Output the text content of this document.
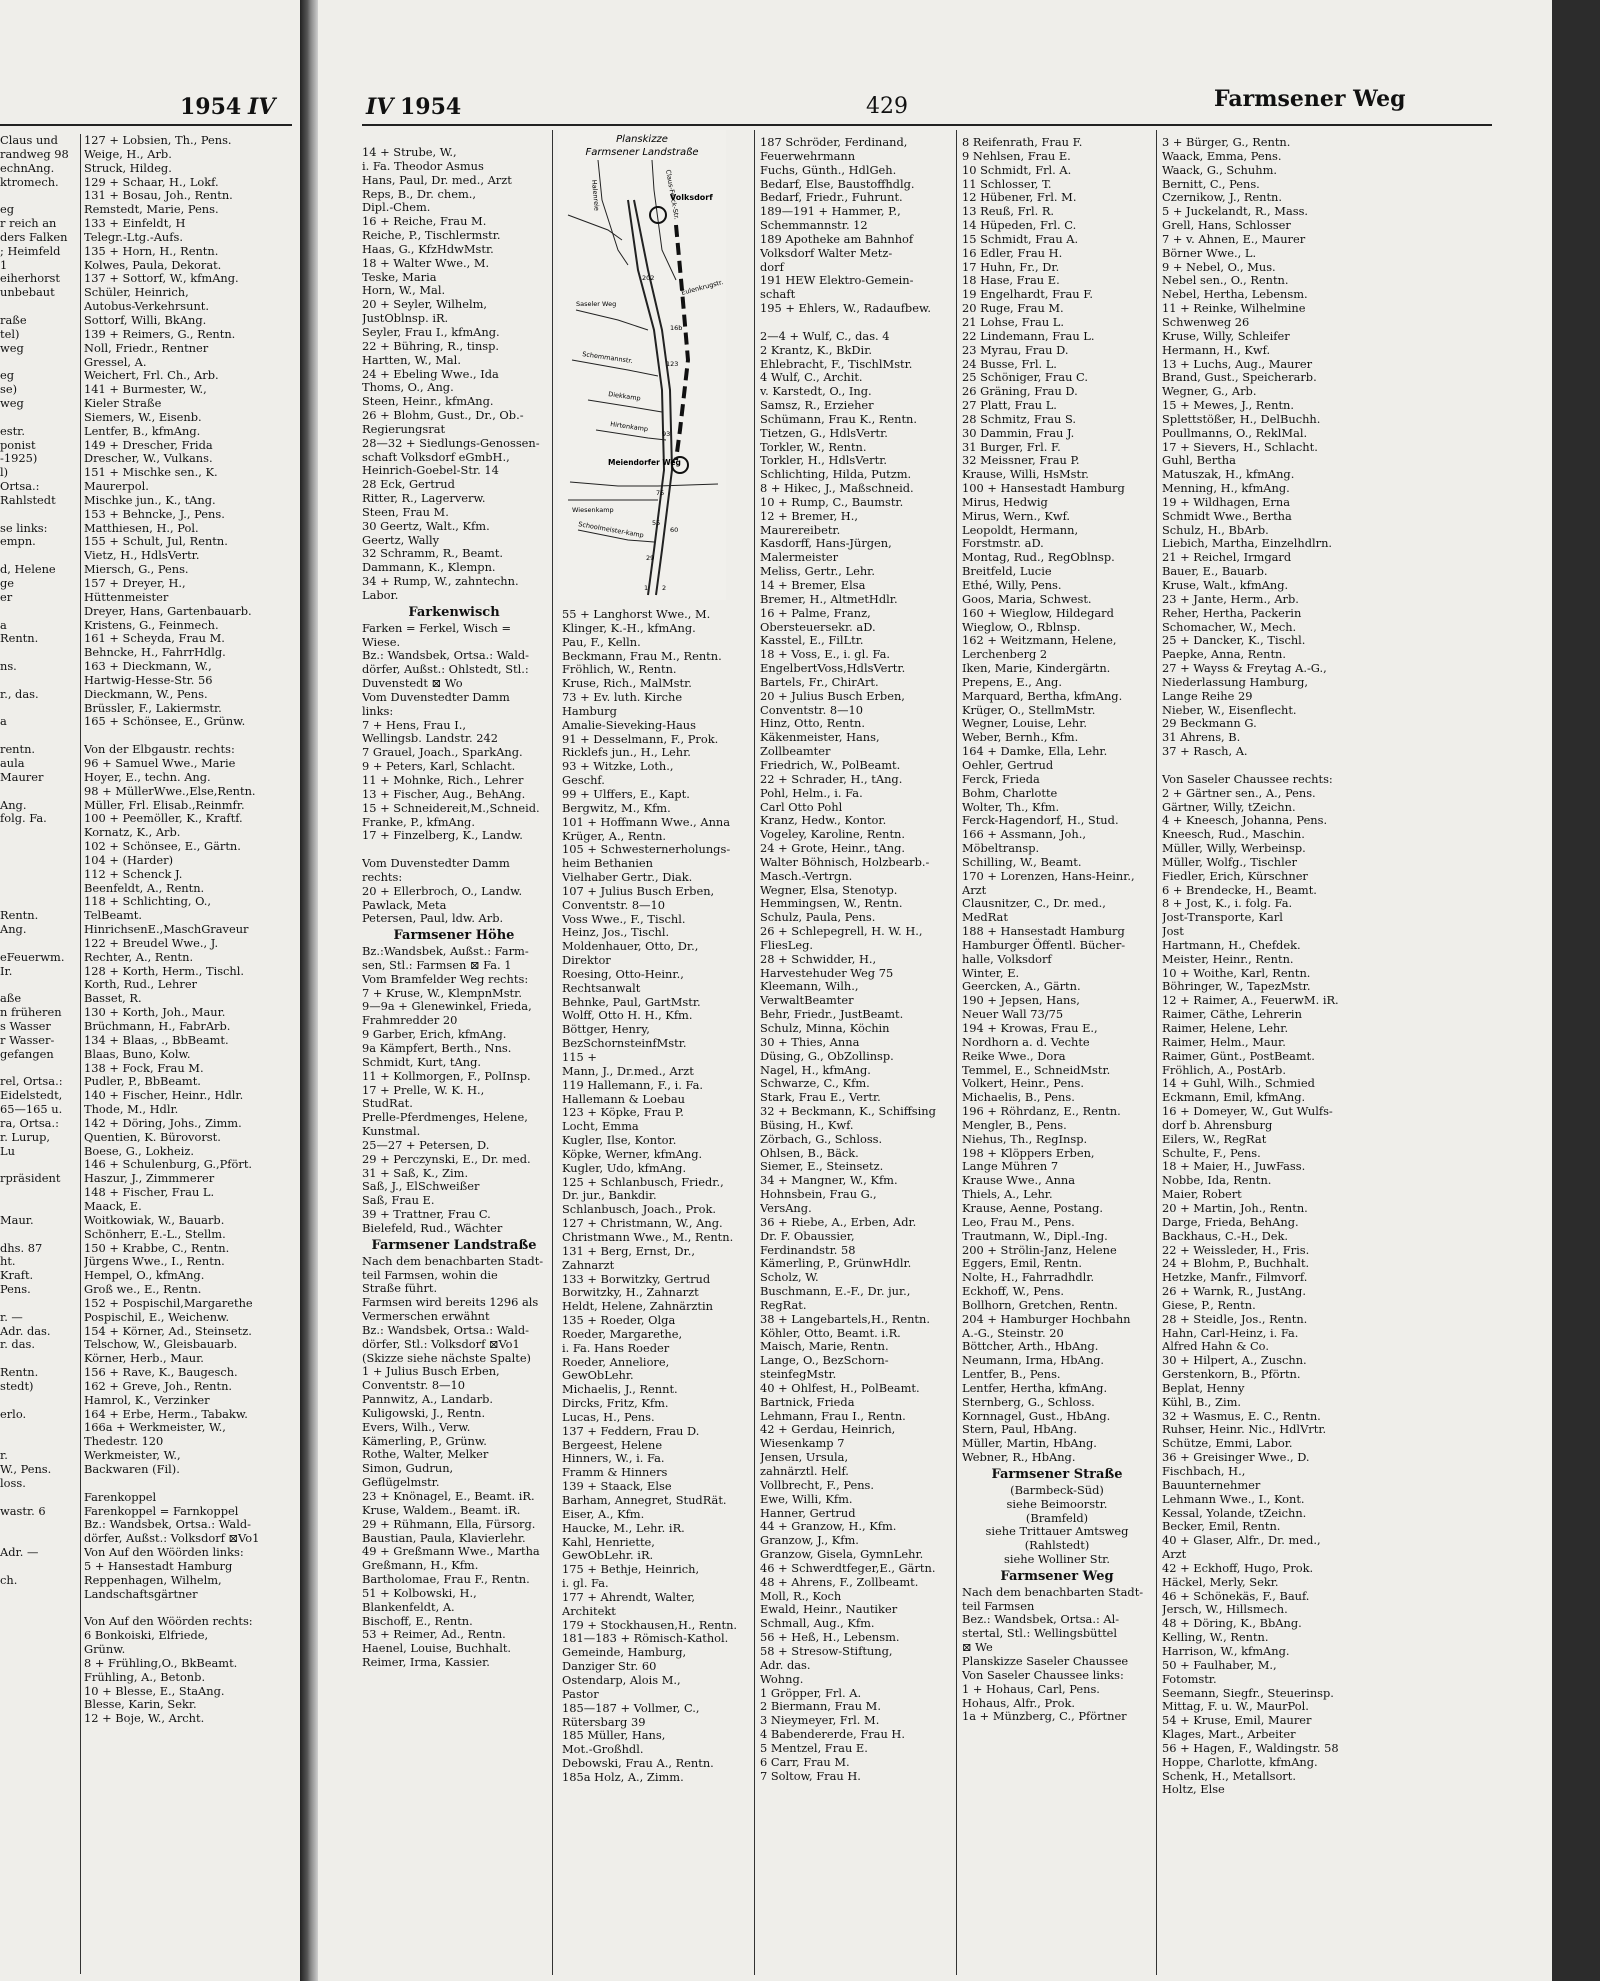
1954 IV
Claus und
randweg 98
echnAng.
ktromech.

eg
r reich an
ders Falken
; Heimfeld
1
eiherhorst
unbebaut

raße
tel)
weg

eg
se)
weg

estr.
ponist
-1925)
l)
Ortsa.:
Rahlstedt

se links:
empn.

d, Helene
ge
er

a
Rentn.

ns.

r., das.

a

rentn.
aula
Maurer

Ang.
folg. Fa.

Rentn.
Ang.

eFeuerwm.
Ir.

aße
n früheren
s Wasser
r Wasser-
gefangen

rel, Ortsa.:
Eidelstedt,
65—165 u.
ra, Ortsa.:
r. Lurup,
Lu

rpräsident

Maur.

dhs. 87
ht.
Kraft.
Pens.

r. —
Adr. das.
r. das.

Rentn.
stedt)

erlo.

r.
W., Pens.
loss.

wastr. 6

Adr. —

ch.
127 + Lobsien, Th., Pens.
Weige, H., Arb.
Struck, Hildeg.
129 + Schaar, H., Lokf.
131 + Bosau, Joh., Rentn.
Remstedt, Marie, Pens.
133 + Einfeldt, H
Telegr.-Ltg.-Aufs.
135 + Horn, H., Rentn.
Kolwes, Paula, Dekorat.
137 + Sottorf, W., kfmAng.
Schüler, Heinrich,
Autobus-Verkehrsunt.
Sottorf, Willi, BkAng.
139 + Reimers, G., Rentn.
Noll, Friedr., Rentner
Gressel, A.
Weichert, Frl. Ch., Arb.
141 + Burmester, W.,
Kieler Straße
Siemers, W., Eisenb.
Lentfer, B., kfmAng.
149 + Drescher, Frida
Drescher, W., Vulkans.
151 + Mischke sen., K.
Maurerpol.
Mischke jun., K., tAng.
153 + Behncke, J., Pens.
Matthiesen, H., Pol.
155 + Schult, Jul, Rentn.
Vietz, H., HdlsVertr.
Miersch, G., Pens.
157 + Dreyer, H.,
Hüttenmeister
Dreyer, Hans, Gartenbauarb.
Kristens, G., Feinmech.
161 + Scheyda, Frau M.
Behncke, H., FahrrHdlg.
163 + Dieckmann, W.,
Hartwig-Hesse-Str. 56
Dieckmann, W., Pens.
Brüssler, F., Lakiermstr.
165 + Schönsee, E., Grünw.

Von der Elbgaustr. rechts:
96 + Samuel Wwe., Marie
Hoyer, E., techn. Ang.
98 + MüllerWwe.,Else,Rentn.
Müller, Frl. Elisab.,Reinmfr.
100 + Peemöller, K., Kraftf.
Kornatz, K., Arb.
102 + Schönsee, E., Gärtn.
104 + (Harder)
112 + Schenck J.
Beenfeldt, A., Rentn.
118 + Schlichting, O.,
TelBeamt.
HinrichsenE.,MaschGraveur
122 + Breudel Wwe., J.
Rechter, A., Rentn.
128 + Korth, Herm., Tischl.
Korth, Rud., Lehrer
Basset, R.
130 + Korth, Joh., Maur.
Brüchmann, H., FabrArb.
134 + Blaas, ., BbBeamt.
Blaas, Buno, Kolw.
138 + Fock, Frau M.
Pudler, P., BbBeamt.
140 + Fischer, Heinr., Hdlr.
Thode, M., Hdlr.
142 + Döring, Johs., Zimm.
Quentien, K. Bürovorst.
Boese, G., Lokheiz.
146 + Schulenburg, G.,Pfört.
Haszur, J., Zimmmerer
148 + Fischer, Frau L.
Maack, E.
Woitkowiak, W., Bauarb.
Schönherr, E.-L., Stellm.
150 + Krabbe, C., Rentn.
Jürgens Wwe., I., Rentn.
Hempel, O., kfmAng.
Groß we., E., Rentn.
152 + Pospischil,Margarethe
Pospischil, E., Weichenw.
154 + Körner, Ad., Steinsetz.
Telschow, W., Gleisbauarb.
Körner, Herb., Maur.
156 + Rave, K., Baugesch.
162 + Greve, Joh., Rentn.
Hamrol, K., Verzinker
164 + Erbe, Herm., Tabakw.
166a + Werkmeister, W.,
Thedestr. 120
Werkmeister, W.,
Backwaren (Fil).

Farenkoppel
Farenkoppel = Farnkoppel
Bz.: Wandsbek, Ortsa.: Wald-
dörfer, Außst.: Volksdorf ⊠Vo1
Von Auf den Wöörden links:
5 + Hansestadt Hamburg
Reppenhagen, Wilhelm,
Landschaftsgärtner

Von Auf den Wöörden rechts:
6 Bonkoiski, Elfriede,
Grünw.
8 + Frühling,O., BkBeamt.
Frühling, A., Betonb.
10 + Blesse, E., StaAng.
Blesse, Karin, Sekr.
12 + Boje, W., Archt.
IV 1954	429	Farmsener Weg
14 + Strube, W.,
i. Fa. Theodor Asmus
Hans, Paul, Dr. med., Arzt
Reps, B., Dr. chem.,
Dipl.-Chem.
16 + Reiche, Frau M.
Reiche, P., Tischlermstr.
Haas, G., KfzHdwMstr.
18 + Walter Wwe., M.
Teske, Maria
Horn, W., Mal.
20 + Seyler, Wilhelm,
JustOblnsp. iR.
Seyler, Frau I., kfmAng.
22 + Bühring, R., tinsp.
Hartten, W., Mal.
24 + Ebeling Wwe., Ida
Thoms, O., Ang.
Steen, Heinr., kfmAng.
26 + Blohm, Gust., Dr., Ob.-
Regierungsrat
28—32 + Siedlungs-Genossen-
schaft Volksdorf eGmbH.,
Heinrich-Goebel-Str. 14
28 Eck, Gertrud
Ritter, R., Lagerverw.
Steen, Frau M.
30 Geertz, Walt., Kfm.
Geertz, Wally
32 Schramm, R., Beamt.
Dammann, K., Klempn.
34 + Rump, W., zahntechn.
Labor.
Farkenwisch
Farken = Ferkel, Wisch =
Wiese.
Bz.: Wandsbek, Ortsa.: Wald-
dörfer, Außst.: Ohlstedt, Stl.:
Duvenstedt ⊠ Wo
Vom Duvenstedter Damm
links:
7 + Hens, Frau I.,
Wellingsb. Landstr. 242
7 Grauel, Joach., SparkAng.
9 + Peters, Karl, Schlacht.
11 + Mohnke, Rich., Lehrer
13 + Fischer, Aug., BehAng.
15 + Schneidereit,M.,Schneid.
Franke, P., kfmAng.
17 + Finzelberg, K., Landw.

Vom Duvenstedter Damm
rechts:
20 + Ellerbroch, O., Landw.
Pawlack, Meta
Petersen, Paul, ldw. Arb.
Farmsener Höhe
Bz.:Wandsbek, Außst.: Farm-
sen, Stl.: Farmsen ⊠ Fa. 1
Vom Bramfelder Weg rechts:
7 + Kruse, W., KlempnMstr.
9—9a + Glenewinkel, Frieda,
Frahmredder 20
9 Garber, Erich, kfmAng.
9a Kämpfert, Berth., Nns.
Schmidt, Kurt, tAng.
11 + Kollmorgen, F., PolInsp.
17 + Prelle, W. K. H.,
StudRat.
Prelle-Pferdmenges, Helene,
Kunstmal.
25—27 + Petersen, D.
29 + Perczynski, E., Dr. med.
31 + Saß, K., Zim.
Saß, J., ElSchweißer
Saß, Frau E.
39 + Trattner, Frau C.
Bielefeld, Rud., Wächter
Farmsener Landstraße
Nach dem benachbarten Stadt-
teil Farmsen, wohin die
Straße führt.
Farmsen wird bereits 1296 als
Vermerschen erwähnt
Bz.: Wandsbek, Ortsa.: Wald-
dörfer, Stl.: Volksdorf ⊠Vo1
(Skizze siehe nächste Spalte)
1 + Julius Busch Erben,
Conventstr. 8—10
Pannwitz, A., Landarb.
Kuligowski, J., Rentn.
Evers, Wilh., Verw.
Kämerling, P., Grünw.
Rothe, Walter, Melker
Simon, Gudrun,
Geflügelmstr.
23 + Knönagel, E., Beamt. iR.
Kruse, Waldem., Beamt. iR.
29 + Rühmann, Ella, Fürsorg.
Baustian, Paula, Klavierlehr.
49 + Greßmann Wwe., Martha
Greßmann, H., Kfm.
Bartholomae, Frau F., Rentn.
51 + Kolbowski, H.,
Blankenfeldt, A.
Bischoff, E., Rentn.
53 + Reimer, Ad., Rentn.
Haenel, Louise, Buchhalt.
Reimer, Irma, Kassier.
Planskizze
Farmsener Landstraße
Volksdorf
Meiendorfer Weg
Halenreie	Claus-Ferck-Str.
Eulenkrugstr.
Saseler Weg
Schemmannstr.
Diekkamp
Hirtenkamp
Wiesenkamp
Schoolmeister-kamp
202
16b
123
93
75
55
29
1 2
60
55 + Langhorst Wwe., M.
Klinger, K.-H., kfmAng.
Pau, F., Kelln.
Beckmann, Frau M., Rentn.
Fröhlich, W., Rentn.
Kruse, Rich., MalMstr.
73 + Ev. luth. Kirche
Hamburg
Amalie-Sieveking-Haus
91 + Desselmann, F., Prok.
Ricklefs jun., H., Lehr.
93 + Witzke, Loth.,
Geschf.
99 + Ulffers, E., Kapt.
Bergwitz, M., Kfm.
101 + Hoffmann Wwe., Anna
Krüger, A., Rentn.
105 + Schwesternerholungs-
heim Bethanien
Vielhaber Gertr., Diak.
107 + Julius Busch Erben,
Conventstr. 8—10
Voss Wwe., F., Tischl.
Heinz, Jos., Tischl.
Moldenhauer, Otto, Dr.,
Direktor
Roesing, Otto-Heinr.,
Rechtsanwalt
Behnke, Paul, GartMstr.
Wolff, Otto H. H., Kfm.
Böttger, Henry,
BezSchornsteinfMstr.
115 +
Mann, J., Dr.med., Arzt
119 Hallemann, F., i. Fa.
Hallemann & Loebau
123 + Köpke, Frau P.
Locht, Emma
Kugler, Ilse, Kontor.
Köpke, Werner, kfmAng.
Kugler, Udo, kfmAng.
125 + Schlanbusch, Friedr.,
Dr. jur., Bankdir.
Schlanbusch, Joach., Prok.
127 + Christmann, W., Ang.
Christmann Wwe., M., Rentn.
131 + Berg, Ernst, Dr.,
Zahnarzt
133 + Borwitzky, Gertrud
Borwitzky, H., Zahnarzt
Heldt, Helene, Zahnärztin
135 + Roeder, Olga
Roeder, Margarethe,
i. Fa. Hans Roeder
Roeder, Anneliore,
GewObLehr.
Michaelis, J., Rennt.
Dircks, Fritz, Kfm.
Lucas, H., Pens.
137 + Feddern, Frau D.
Bergeest, Helene
Hinners, W., i. Fa.
Framm & Hinners
139 + Staack, Else
Barham, Annegret, StudRät.
Eiser, A., Kfm.
Haucke, M., Lehr. iR.
Kahl, Henriette,
GewObLehr. iR.
175 + Bethje, Heinrich,
i. gl. Fa.
177 + Ahrendt, Walter,
Architekt
179 + Stockhausen,H., Rentn.
181—183 + Römisch-Kathol.
Gemeinde, Hamburg,
Danziger Str. 60
Ostendarp, Alois M.,
Pastor
185—187 + Vollmer, C.,
Rütersbarg 39
185 Müller, Hans,
Mot.-Großhdl.
Debowski, Frau A., Rentn.
185a Holz, A., Zimm.
187 Schröder, Ferdinand,
Feuerwehrmann
Fuchs, Günth., HdlGeh.
Bedarf, Else, Baustoffhdlg.
Bedarf, Friedr., Fuhrunt.
189—191 + Hammer, P.,
Schemmannstr. 12
189 Apotheke am Bahnhof
Volksdorf Walter Metz-
dorf
191 HEW Elektro-Gemein-
schaft
195 + Ehlers, W., Radaufbew.

2—4 + Wulf, C., das. 4
2 Krantz, K., BkDir.
Ehlebracht, F., TischlMstr.
4 Wulf, C., Archit.
v. Karstedt, O., Ing.
Samsz, R., Erzieher
Schümann, Frau K., Rentn.
Tietzen, G., HdlsVertr.
Torkler, W., Rentn.
Torkler, H., HdlsVertr.
Schlichting, Hilda, Putzm.
8 + Hikec, J., Maßschneid.
10 + Rump, C., Baumstr.
12 + Bremer, H.,
Maurereibetr.
Kasdorff, Hans-Jürgen,
Malermeister
Meliss, Gertr., Lehr.
14 + Bremer, Elsa
Bremer, H., AltmetHdlr.
16 + Palme, Franz,
Obersteuersekr. aD.
Kasstel, E., FilLtr.
18 + Voss, E., i. gl. Fa.
EngelbertVoss,HdlsVertr.
Bartels, Fr., ChirArt.
20 + Julius Busch Erben,
Conventstr. 8—10
Hinz, Otto, Rentn.
Käkenmeister, Hans,
Zollbeamter
Friedrich, W., PolBeamt.
22 + Schrader, H., tAng.
Pohl, Helm., i. Fa.
Carl Otto Pohl
Kranz, Hedw., Kontor.
Vogeley, Karoline, Rentn.
24 + Grote, Heinr., tAng.
Walter Böhnisch, Holzbearb.-
Masch.-Vertrgn.
Wegner, Elsa, Stenotyp.
Hemmingsen, W., Rentn.
Schulz, Paula, Pens.
26 + Schlepegrell, H. W. H.,
FliesLeg.
28 + Schwidder, H.,
Harvestehuder Weg 75
Kleemann, Wilh.,
VerwaltBeamter
Behr, Friedr., JustBeamt.
Schulz, Minna, Köchin
30 + Thies, Anna
Düsing, G., ObZollinsp.
Nagel, H., kfmAng.
Schwarze, C., Kfm.
Stark, Frau E., Vertr.
32 + Beckmann, K., Schiffsing
Büsing, H., Kwf.
Zörbach, G., Schloss.
Ohlsen, B., Bäck.
Siemer, E., Steinsetz.
34 + Mangner, W., Kfm.
Hohnsbein, Frau G.,
VersAng.
36 + Riebe, A., Erben, Adr.
Dr. F. Obaussier,
Ferdinandstr. 58
Kämerling, P., GrünwHdlr.
Scholz, W.
Buschmann, E.-F., Dr. jur.,
RegRat.
38 + Langebartels,H., Rentn.
Köhler, Otto, Beamt. i.R.
Maisch, Marie, Rentn.
Lange, O., BezSchorn-
steinfegMstr.
40 + Ohlfest, H., PolBeamt.
Bartnick, Frieda
Lehmann, Frau I., Rentn.
42 + Gerdau, Heinrich,
Wiesenkamp 7
Jensen, Ursula,
zahnärztl. Helf.
Vollbrecht, F., Pens.
Ewe, Willi, Kfm.
Hanner, Gertrud
44 + Granzow, H., Kfm.
Granzow, J., Kfm.
Granzow, Gisela, GymnLehr.
46 + Schwerdtfeger,E., Gärtn.
48 + Ahrens, F., Zollbeamt.
Moll, R., Koch
Ewald, Heinr., Nautiker
Schmall, Aug., Kfm.
56 + Heß, H., Lebensm.
58 + Stresow-Stiftung,
Adr. das.
Wohng.
1 Gröpper, Frl. A.
2 Biermann, Frau M.
3 Nieymeyer, Frl. M.
4 Babendererde, Frau H.
5 Mentzel, Frau E.
6 Carr, Frau M.
7 Soltow, Frau H.
8 Reifenrath, Frau F.
9 Nehlsen, Frau E.
10 Schmidt, Frl. A.
11 Schlosser, T.
12 Hübener, Frl. M.
13 Reuß, Frl. R.
14 Hüpeden, Frl. C.
15 Schmidt, Frau A.
16 Edler, Frau H.
17 Huhn, Fr., Dr.
18 Hase, Frau E.
19 Engelhardt, Frau F.
20 Ruge, Frau M.
21 Lohse, Frau L.
22 Lindemann, Frau L.
23 Myrau, Frau D.
24 Busse, Frl. L.
25 Schöniger, Frau C.
26 Gräning, Frau D.
27 Platt, Frau L.
28 Schmitz, Frau S.
30 Dammin, Frau J.
31 Burger, Frl. F.
32 Meissner, Frau P.
Krause, Willi, HsMstr.
100 + Hansestadt Hamburg
Mirus, Hedwig
Mirus, Wern., Kwf.
Leopoldt, Hermann,
Forstmstr. aD.
Montag, Rud., RegOblnsp.
Breitfeld, Lucie
Ethé, Willy, Pens.
Goos, Maria, Schwest.
160 + Wieglow, Hildegard
Wieglow, O., Rblnsp.
162 + Weitzmann, Helene,
Lerchenberg 2
Iken, Marie, Kindergärtn.
Prepens, E., Ang.
Marquard, Bertha, kfmAng.
Krüger, O., StellmMstr.
Wegner, Louise, Lehr.
Weber, Bernh., Kfm.
164 + Damke, Ella, Lehr.
Oehler, Gertrud
Ferck, Frieda
Bohm, Charlotte
Wolter, Th., Kfm.
Ferck-Hagendorf, H., Stud.
166 + Assmann, Joh.,
Möbeltransp.
Schilling, W., Beamt.
170 + Lorenzen, Hans-Heinr.,
Arzt
Clausnitzer, C., Dr. med.,
MedRat
188 + Hansestadt Hamburg
Hamburger Öffentl. Bücher-
halle, Volksdorf
Winter, E.
Geercken, A., Gärtn.
190 + Jepsen, Hans,
Neuer Wall 73/75
194 + Krowas, Frau E.,
Nordhorn a. d. Vechte
Reike Wwe., Dora
Temmel, E., SchneidMstr.
Volkert, Heinr., Pens.
Michaelis, B., Pens.
196 + Röhrdanz, E., Rentn.
Mengler, B., Pens.
Niehus, Th., RegInsp.
198 + Klöppers Erben,
Lange Mühren 7
Krause Wwe., Anna
Thiels, A., Lehr.
Krause, Aenne, Postang.
Leo, Frau M., Pens.
Trautmann, W., Dipl.-Ing.
200 + Strölin-Janz, Helene
Eggers, Emil, Rentn.
Nolte, H., Fahrradhdlr.
Eckhoff, W., Pens.
Bollhorn, Gretchen, Rentn.
204 + Hamburger Hochbahn
A.-G., Steinstr. 20
Böttcher, Arth., HbAng.
Neumann, Irma, HbAng.
Lentfer, B., Pens.
Lentfer, Hertha, kfmAng.
Sternberg, G., Schloss.
Kornnagel, Gust., HbAng.
Stern, Paul, HbAng.
Müller, Martin, HbAng.
Webner, R., HbAng.
Farmsener Straße
(Barmbeck-Süd)
siehe Beimoorstr.
(Bramfeld)
siehe Trittauer Amtsweg
(Rahlstedt)
siehe Wolliner Str.
Farmsener Weg
Nach dem benachbarten Stadt-
teil Farmsen
Bez.: Wandsbek, Ortsa.: Al-
stertal, Stl.: Wellingsbüttel
⊠ We
Planskizze Saseler Chaussee
Von Saseler Chaussee links:
1 + Hohaus, Carl, Pens.
Hohaus, Alfr., Prok.
1a + Münzberg, C., Pförtner
3 + Bürger, G., Rentn.
Waack, Emma, Pens.
Waack, G., Schuhm.
Bernitt, C., Pens.
Czernikow, J., Rentn.
5 + Juckelandt, R., Mass.
Grell, Hans, Schlosser
7 + v. Ahnen, E., Maurer
Börner Wwe., L.
9 + Nebel, O., Mus.
Nebel sen., O., Rentn.
Nebel, Hertha, Lebensm.
11 + Reinke, Wilhelmine
Schwenweg 26
Kruse, Willy, Schleifer
Hermann, H., Kwf.
13 + Luchs, Aug., Maurer
Brand, Gust., Speicherarb.
Wegner, G., Arb.
15 + Mewes, J., Rentn.
Splettstößer, H., DelBuchh.
Poullmanns, O., ReklMal.
17 + Sievers, H., Schlacht.
Guhl, Bertha
Matuszak, H., kfmAng.
Menning, H., kfmAng.
19 + Wildhagen, Erna
Schmidt Wwe., Bertha
Schulz, H., BbArb.
Liebich, Martha, Einzelhdlrn.
21 + Reichel, Irmgard
Bauer, E., Bauarb.
Kruse, Walt., kfmAng.
23 + Jante, Herm., Arb.
Reher, Hertha, Packerin
Schomacher, W., Mech.
25 + Dancker, K., Tischl.
Paepke, Anna, Rentn.
27 + Wayss & Freytag A.-G.,
Niederlassung Hamburg,
Lange Reihe 29
Nieber, W., Eisenflecht.
29 Beckmann G.
31 Ahrens, B.
37 + Rasch, A.

Von Saseler Chaussee rechts:
2 + Gärtner sen., A., Pens.
Gärtner, Willy, tZeichn.
4 + Kneesch, Johanna, Pens.
Kneesch, Rud., Maschin.
Müller, Willy, Werbeinsp.
Müller, Wolfg., Tischler
Fiedler, Erich, Kürschner
6 + Brendecke, H., Beamt.
8 + Jost, K., i. folg. Fa.
Jost-Transporte, Karl
Jost
Hartmann, H., Chefdek.
Meister, Heinr., Rentn.
10 + Woithe, Karl, Rentn.
Böhringer, W., TapezMstr.
12 + Raimer, A., FeuerwM. iR.
Raimer, Cäthe, Lehrerin
Raimer, Helene, Lehr.
Raimer, Helm., Maur.
Raimer, Günt., PostBeamt.
Fröhlich, A., PostArb.
14 + Guhl, Wilh., Schmied
Eckmann, Emil, kfmAng.
16 + Domeyer, W., Gut Wulfs-
dorf b. Ahrensburg
Eilers, W., RegRat
Schulte, F., Pens.
18 + Maier, H., JuwFass.
Nobbe, Ida, Rentn.
Maier, Robert
20 + Martin, Joh., Rentn.
Darge, Frieda, BehAng.
Backhaus, C.-H., Dek.
22 + Weissleder, H., Fris.
24 + Blohm, P., Buchhalt.
Hetzke, Manfr., Filmvorf.
26 + Warnk, R., JustAng.
Giese, P., Rentn.
28 + Steidle, Jos., Rentn.
Hahn, Carl-Heinz, i. Fa.
Alfred Hahn & Co.
30 + Hilpert, A., Zuschn.
Gerstenkorn, B., Pförtn.
Beplat, Henny
Kühl, B., Zim.
32 + Wasmus, E. C., Rentn.
Ruhser, Heinr. Nic., HdlVrtr.
Schütze, Emmi, Labor.
36 + Greisinger Wwe., D.
Fischbach, H.,
Bauunternehmer
Lehmann Wwe., I., Kont.
Kessal, Yolande, tZeichn.
Becker, Emil, Rentn.
40 + Glaser, Alfr., Dr. med.,
Arzt
42 + Eckhoff, Hugo, Prok.
Häckel, Merly, Sekr.
46 + Schönekäs, F., Bauf.
Jersch, W., Hillsmech.
48 + Döring, K., BbAng.
Kelling, W., Rentn.
Harrison, W., kfmAng.
50 + Faulhaber, M.,
Fotomstr.
Seemann, Siegfr., Steuerinsp.
Mittag, F. u. W., MaurPol.
54 + Kruse, Emil, Maurer
Klages, Mart., Arbeiter
56 + Hagen, F., Waldingstr. 58
Hoppe, Charlotte, kfmAng.
Schenk, H., Metallsort.
Holtz, Else
